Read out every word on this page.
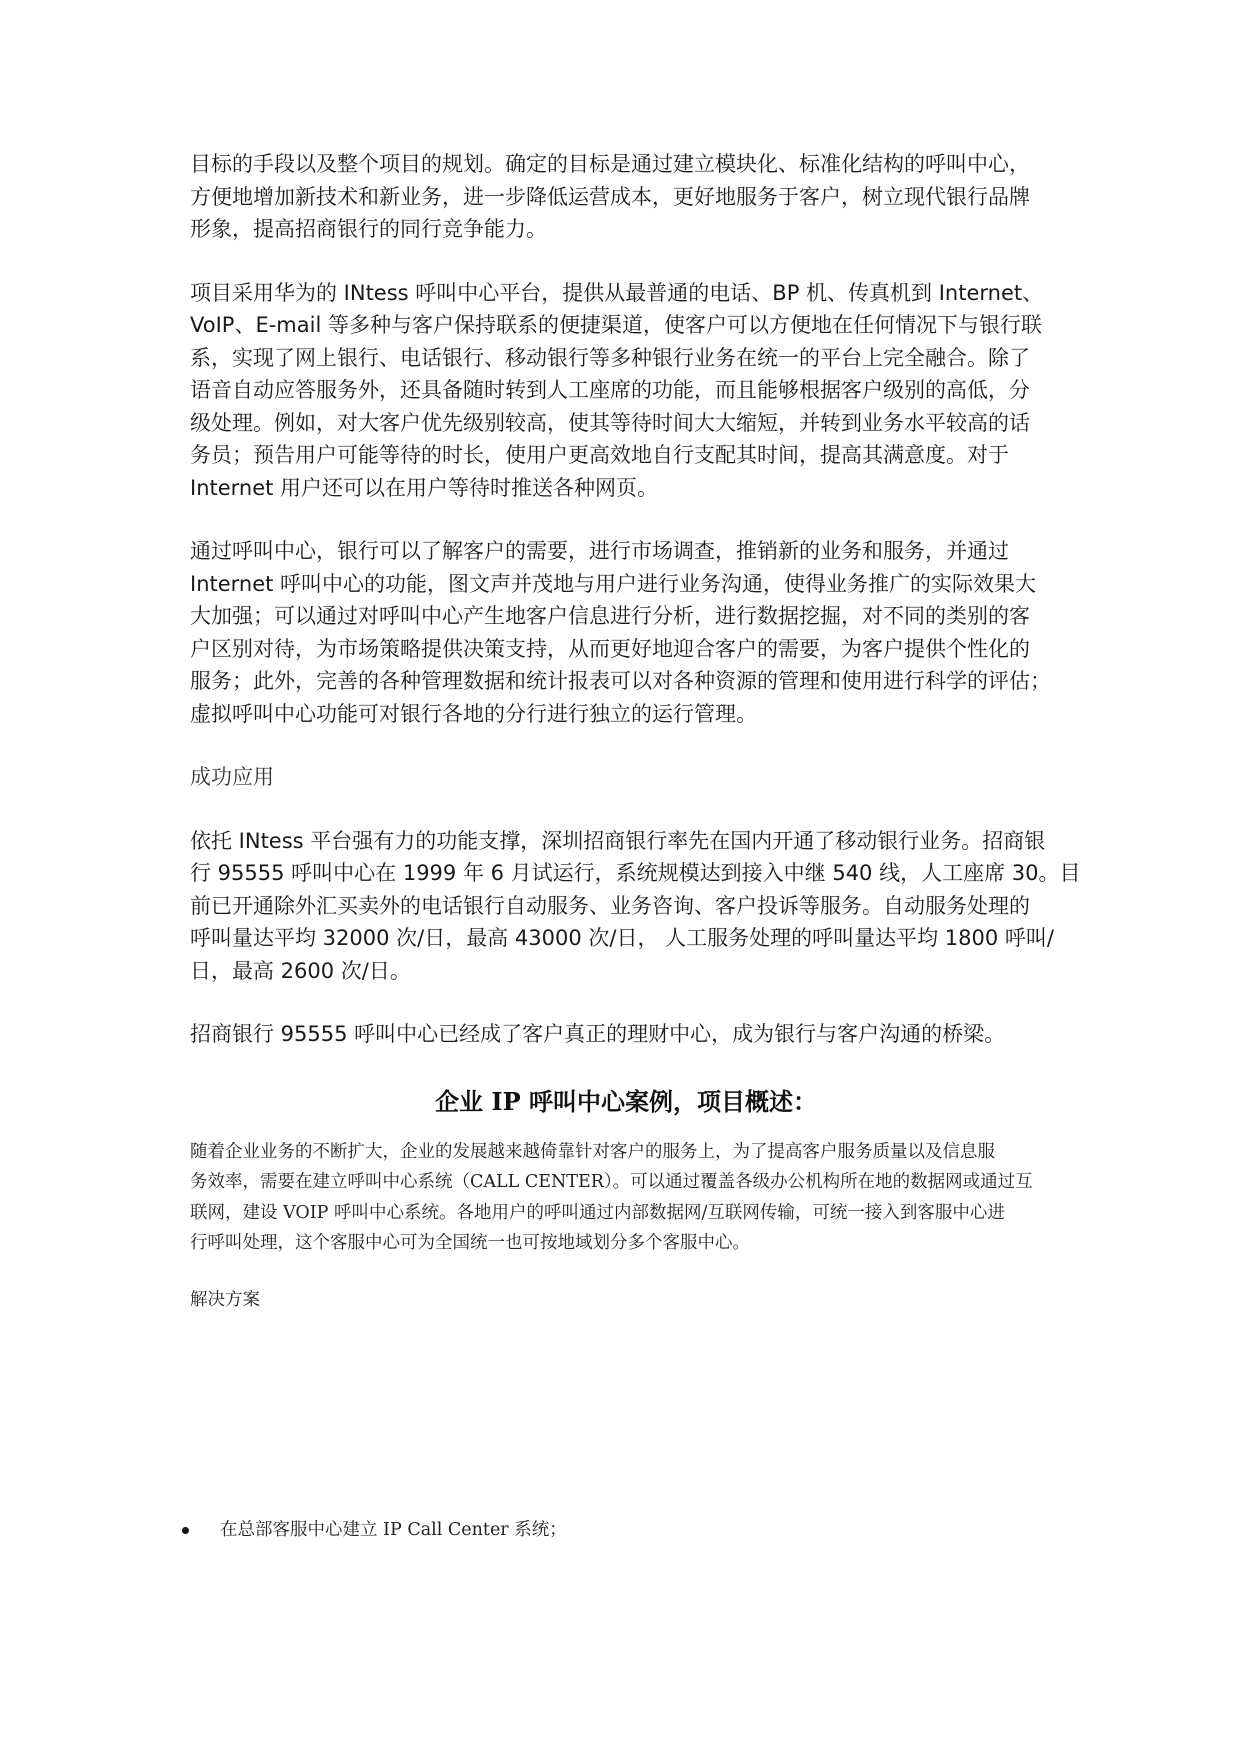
目标的手段以及整个项目的规划。确定的目标是通过建立模块化、标准化结构的呼叫中心，
方便地增加新技术和新业务，进一步降低运营成本，更好地服务于客户，树立现代银行品牌
形象，提高招商银行的同行竞争能力。

项目采用华为的 INtess 呼叫中心平台，提供从最普通的电话、BP 机、传真机到 Internet、
VoIP、E-mail 等多种与客户保持联系的便捷渠道，使客户可以方便地在任何情况下与银行联
系，实现了网上银行、电话银行、移动银行等多种银行业务在统一的平台上完全融合。除了
语音自动应答服务外，还具备随时转到人工座席的功能，而且能够根据客户级别的高低，分
级处理。例如，对大客户优先级别较高，使其等待时间大大缩短，并转到业务水平较高的话
务员；预告用户可能等待的时长，使用户更高效地自行支配其时间，提高其满意度。对于
Internet 用户还可以在用户等待时推送各种网页。

通过呼叫中心，银行可以了解客户的需要，进行市场调查，推销新的业务和服务，并通过
Internet 呼叫中心的功能，图文声并茂地与用户进行业务沟通，使得业务推广的实际效果大
大加强；可以通过对呼叫中心产生地客户信息进行分析，进行数据挖掘，对不同的类别的客
户区别对待，为市场策略提供决策支持，从而更好地迎合客户的需要，为客户提供个性化的
服务；此外，完善的各种管理数据和统计报表可以对各种资源的管理和使用进行科学的评估；
虚拟呼叫中心功能可对银行各地的分行进行独立的运行管理。

成功应用

依托 INtess 平台强有力的功能支撑，深圳招商银行率先在国内开通了移动银行业务。招商银
行 95555 呼叫中心在 1999 年 6 月试运行，系统规模达到接入中继 540 线，人工座席 30。目
前已开通除外汇买卖外的电话银行自动服务、业务咨询、客户投诉等服务。自动服务处理的
呼叫量达平均 32000 次/日，最高 43000 次/日， 人工服务处理的呼叫量达平均 1800 呼叫/
日，最高 2600 次/日。

招商银行 95555 呼叫中心已经成了客户真正的理财中心，成为银行与客户沟通的桥梁。

企业 IP 呼叫中心案例，项目概述：

随着企业业务的不断扩大，企业的发展越来越倚靠针对客户的服务上，为了提高客户服务质量以及信息服
务效率，需要在建立呼叫中心系统（CALL CENTER）。可以通过覆盖各级办公机构所在地的数据网或通过互
联网，建设 VOIP 呼叫中心系统。各地用户的呼叫通过内部数据网/互联网传输，可统一接入到客服中心进
行呼叫处理，这个客服中心可为全国统一也可按地域划分多个客服中心。

解决方案

在总部客服中心建立 IP Call Center 系统；
